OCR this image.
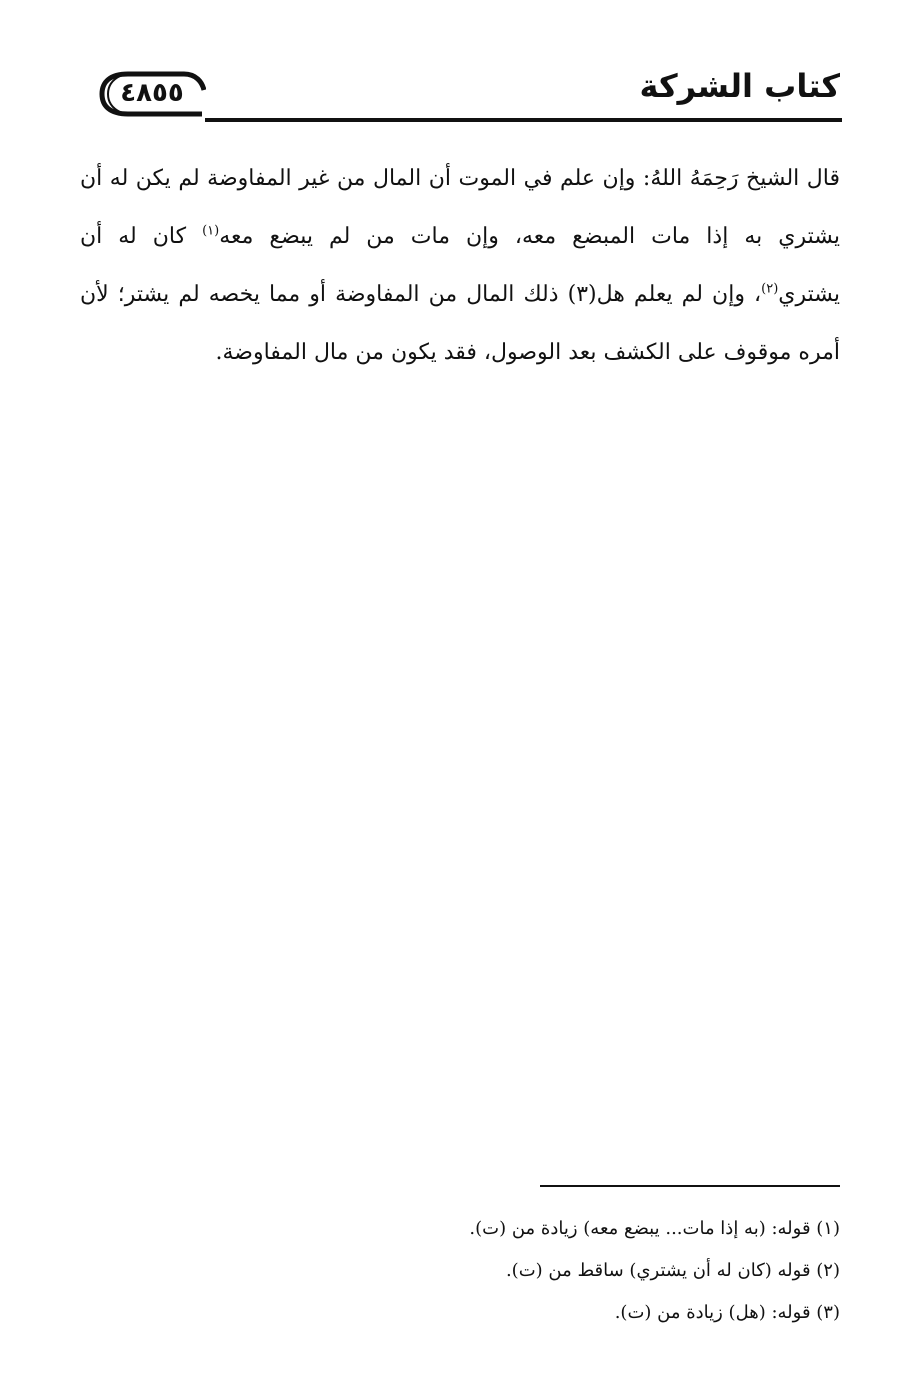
كتاب الشركة
٤٨٥٥
قال الشيخ رَحِمَهُ اللهُ: وإن علم في الموت أن المال من غير المفاوضة لم يكن له أن
يشتري به إذا مات المبضع معه، وإن مات من لم يبضع معه$^{(١)}$ كان له أن
يشتري$^{(٢)}$، وإن لم يعلم هل(٣) ذلك المال من المفاوضة أو مما يخصه لم يشتر؛ لأن
أمره موقوف على الكشف بعد الوصول، فقد يكون من مال المفاوضة.
(١) قوله: (به إذا مات... يبضع معه) زيادة من (ت).
(٢) قوله (كان له أن يشتري) ساقط من (ت).
(٣) قوله: (هل) زيادة من (ت).
